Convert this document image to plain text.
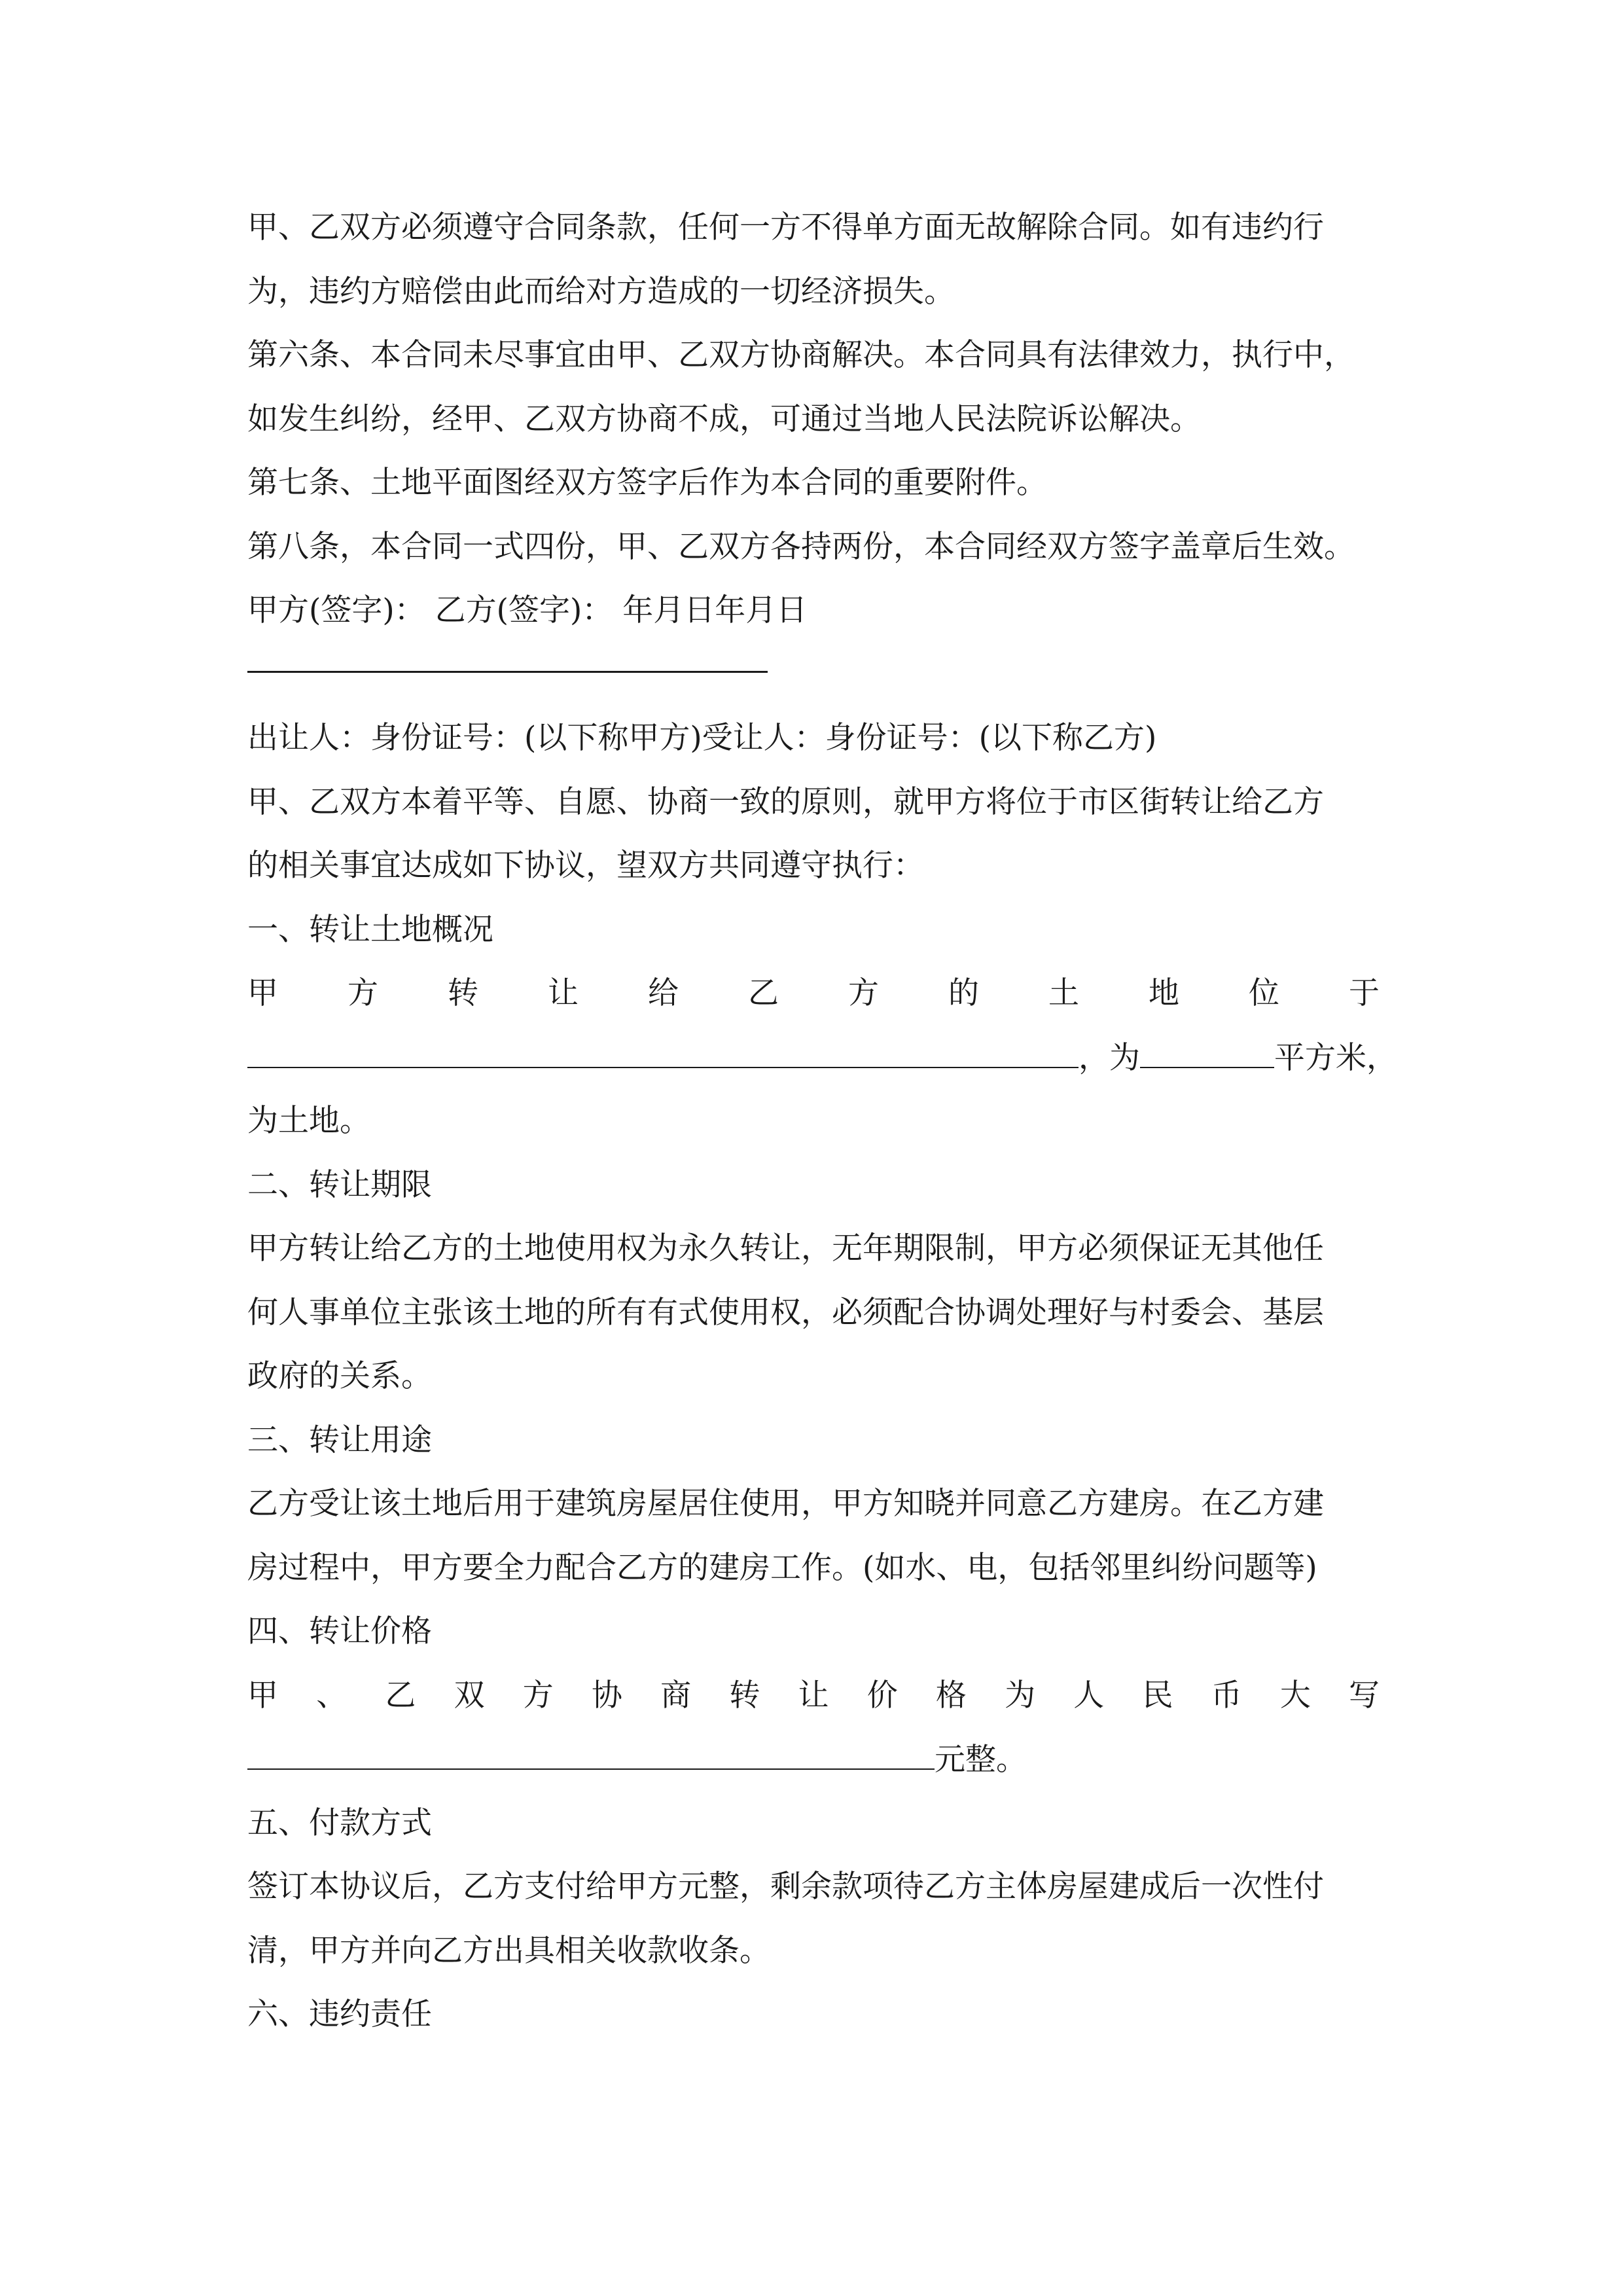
甲、乙双方必须遵守合同条款，任何一方不得单方面无故解除合同。如有违约行
为，违约方赔偿由此而给对方造成的一切经济损失。
第六条、本合同未尽事宜由甲、乙双方协商解决。本合同具有法律效力，执行中，
如发生纠纷，经甲、乙双方协商不成，可通过当地人民法院诉讼解决。
第七条、土地平面图经双方签字后作为本合同的重要附件。
第八条，本合同一式四份，甲、乙双方各持两份，本合同经双方签字盖章后生效。
甲方(签字)： 乙方(签字)： 年月日年月日
出让人：身份证号：(以下称甲方)受让人：身份证号：(以下称乙方)
甲、乙双方本着平等、自愿、协商一致的原则，就甲方将位于市区街转让给乙方
的相关事宜达成如下协议，望双方共同遵守执行：
一、转让土地概况
甲 方 转 让 给 乙 方 的 土 地 位 于
，为	平方米，
为土地。
二、转让期限
甲方转让给乙方的土地使用权为永久转让，无年期限制，甲方必须保证无其他任
何人事单位主张该土地的所有有式使用权，必须配合协调处理好与村委会、基层
政府的关系。
三、转让用途
乙方受让该土地后用于建筑房屋居住使用，甲方知晓并同意乙方建房。在乙方建
房过程中，甲方要全力配合乙方的建房工作。(如水、电，包括邻里纠纷问题等)
四、转让价格
甲 、 乙 双 方 协 商 转 让 价 格 为 人 民 币 大 写
元整。
五、付款方式
签订本协议后，乙方支付给甲方元整，剩余款项待乙方主体房屋建成后一次性付
清，甲方并向乙方出具相关收款收条。
六、违约责任
